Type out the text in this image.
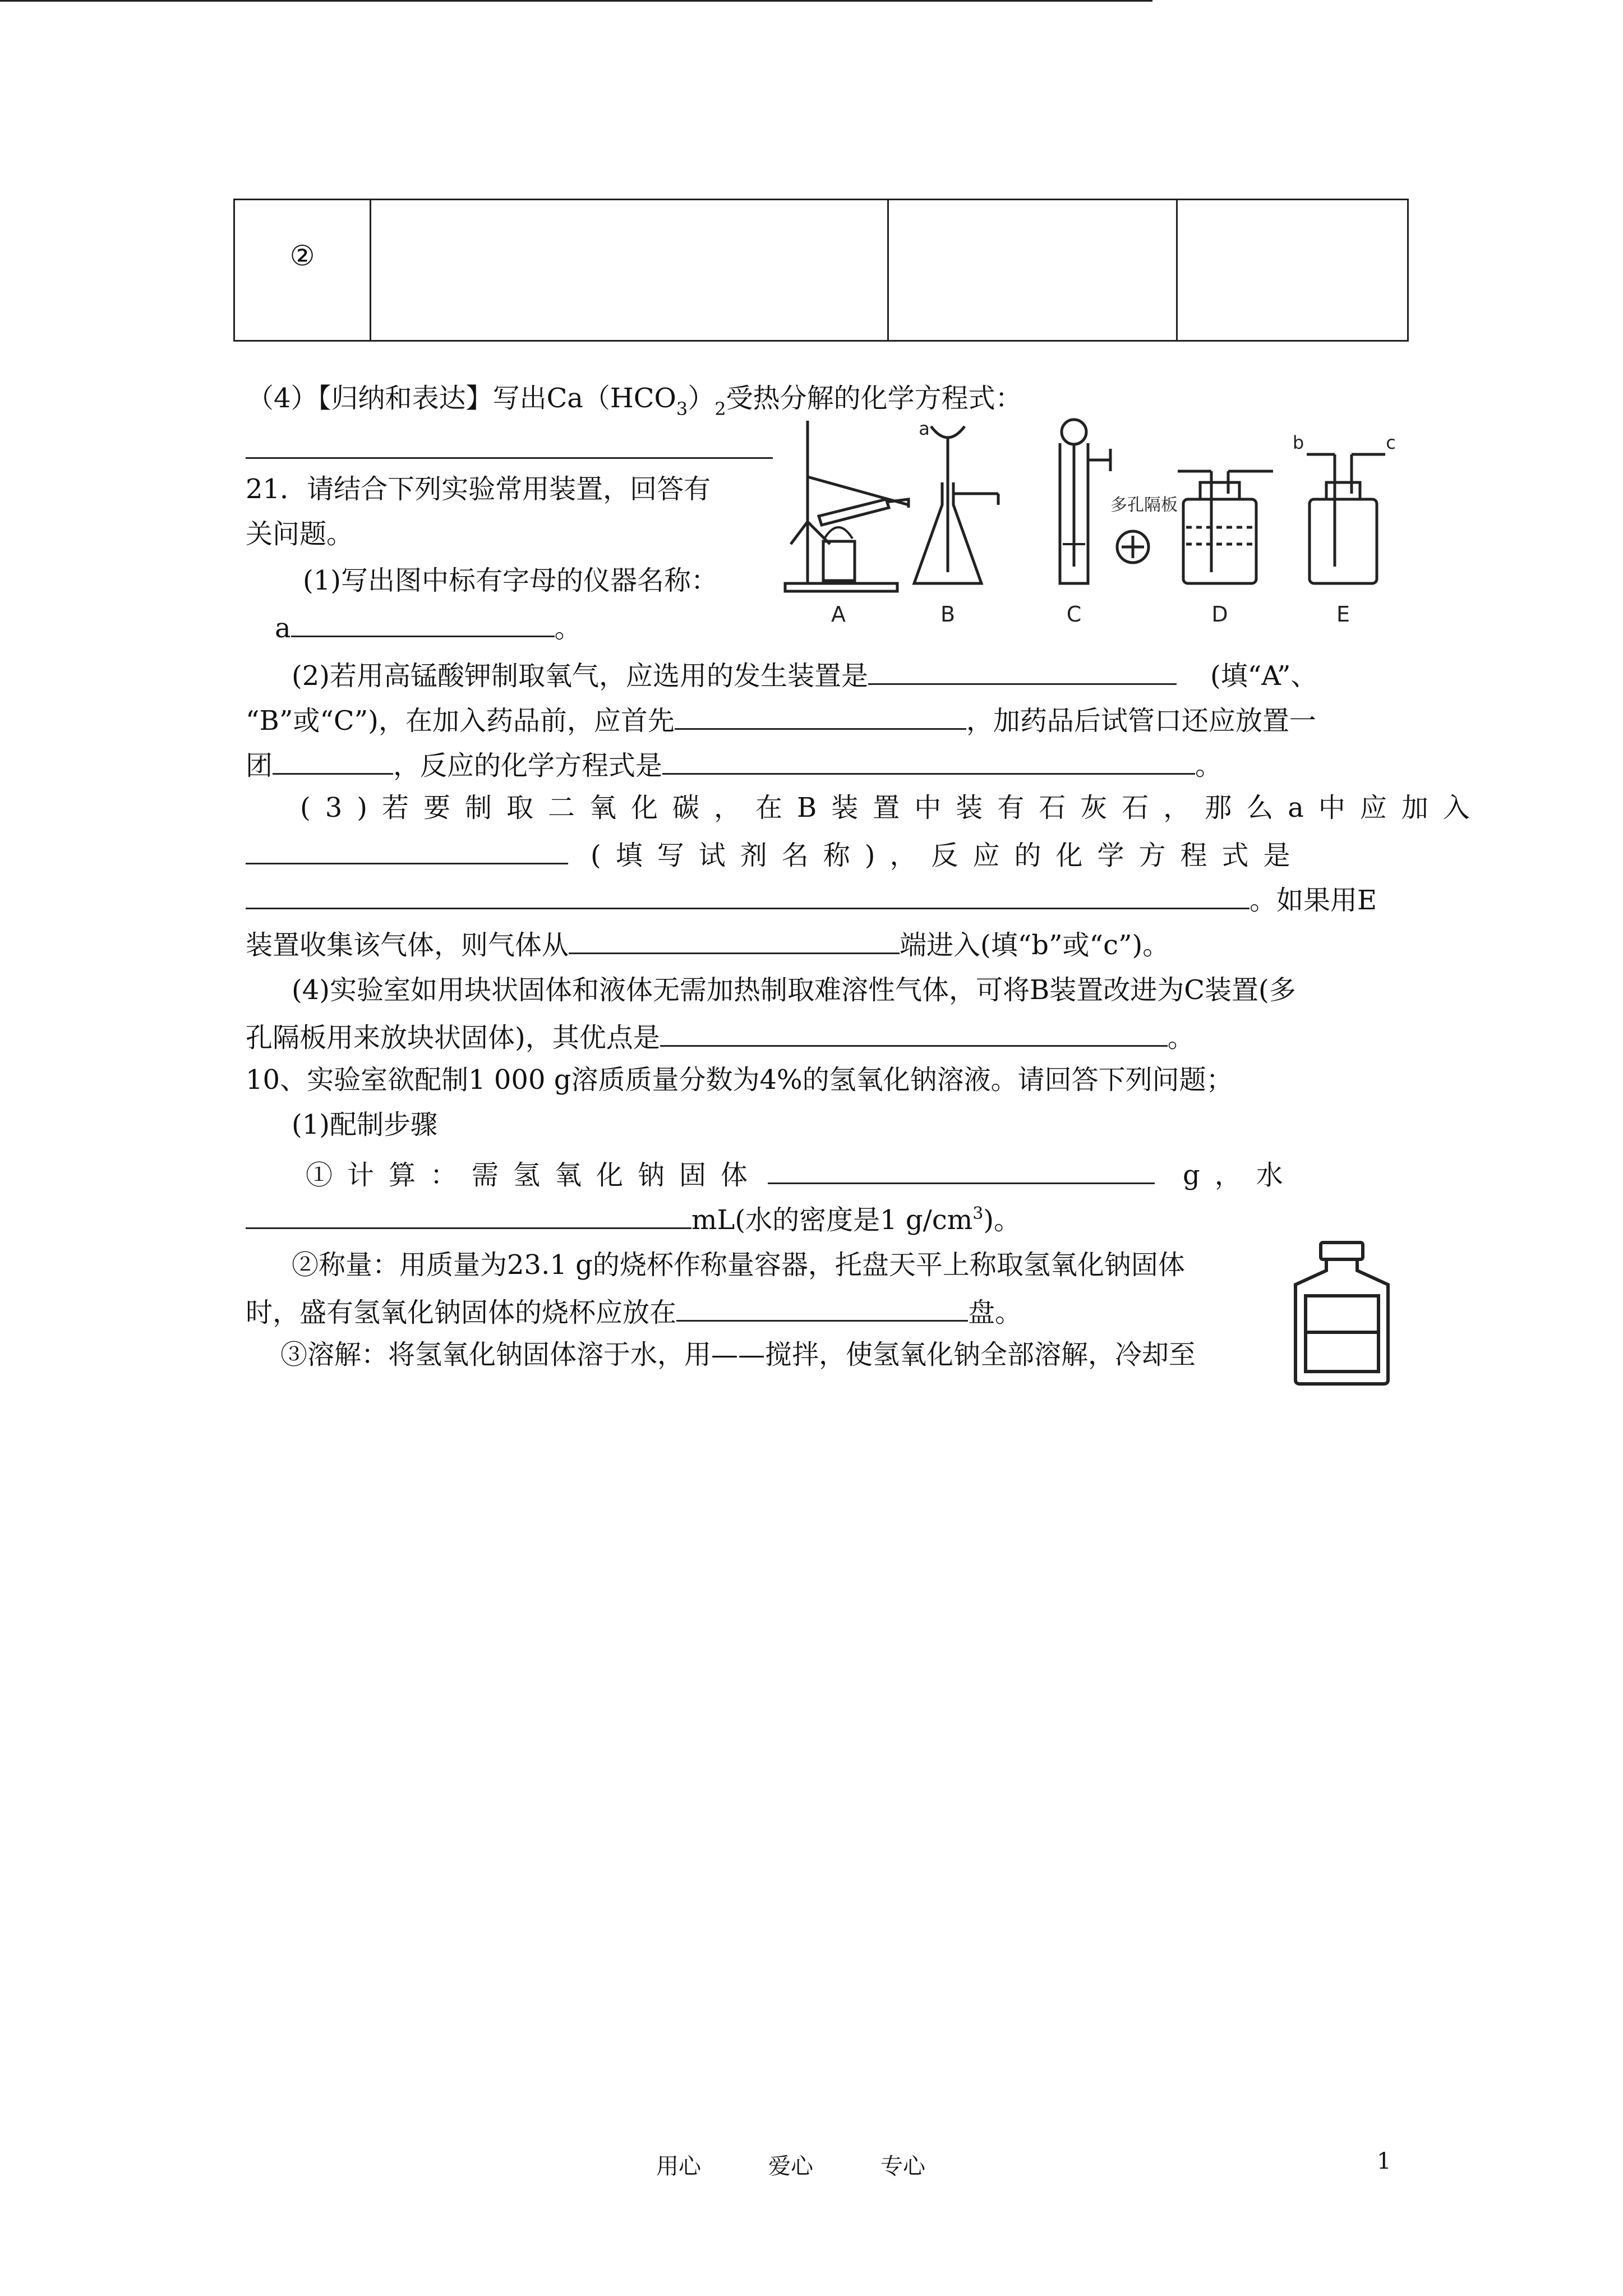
②			
（4）【归纳和表达】写出$Ca(HCO_3)_2$受热分解的化学方程式：
21．请结合下列实验常用装置，回答有
关问题。
(1)写出图中标有字母的仪器名称：
a	。	A	B	C	D	E
a
b	c
多孔隔板
(2)若用高锰酸钾制取氧气，应选用的发生装置是	(填“A”、
“B”或“C”)，在加入药品前，应首先	，加药品后试管口还应放置一
团	，反应的化学方程式是	。
(3)若要制取二氧化碳，在B装置中装有石灰石，那么a中应加入
(填写试剂名称)，反应的化学方程式是
。如果用E
装置收集该气体，则气体从	端进入(填“b”或“c”)。
(4)实验室如用块状固体和液体无需加热制取难溶性气体，可将B装置改进为C装置(多
孔隔板用来放块状固体)，其优点是	。
10、实验室欲配制1 000 g溶质质量分数为4%的氢氧化钠溶液。请回答下列问题；
(1)配制步骤
①计算：需氢氧化钠固体	g，水
mL(水的密度是1 $g/cm^3$)。
②称量：用质量为23.1 g的烧杯作称量容器，托盘天平上称取氢氧化钠固体
时，盛有氢氧化钠固体的烧杯应放在	盘。
③溶解：将氢氧化钠固体溶于水，用——搅拌，使氢氧化钠全部溶解，冷却至
用心	爱心	专心	1
